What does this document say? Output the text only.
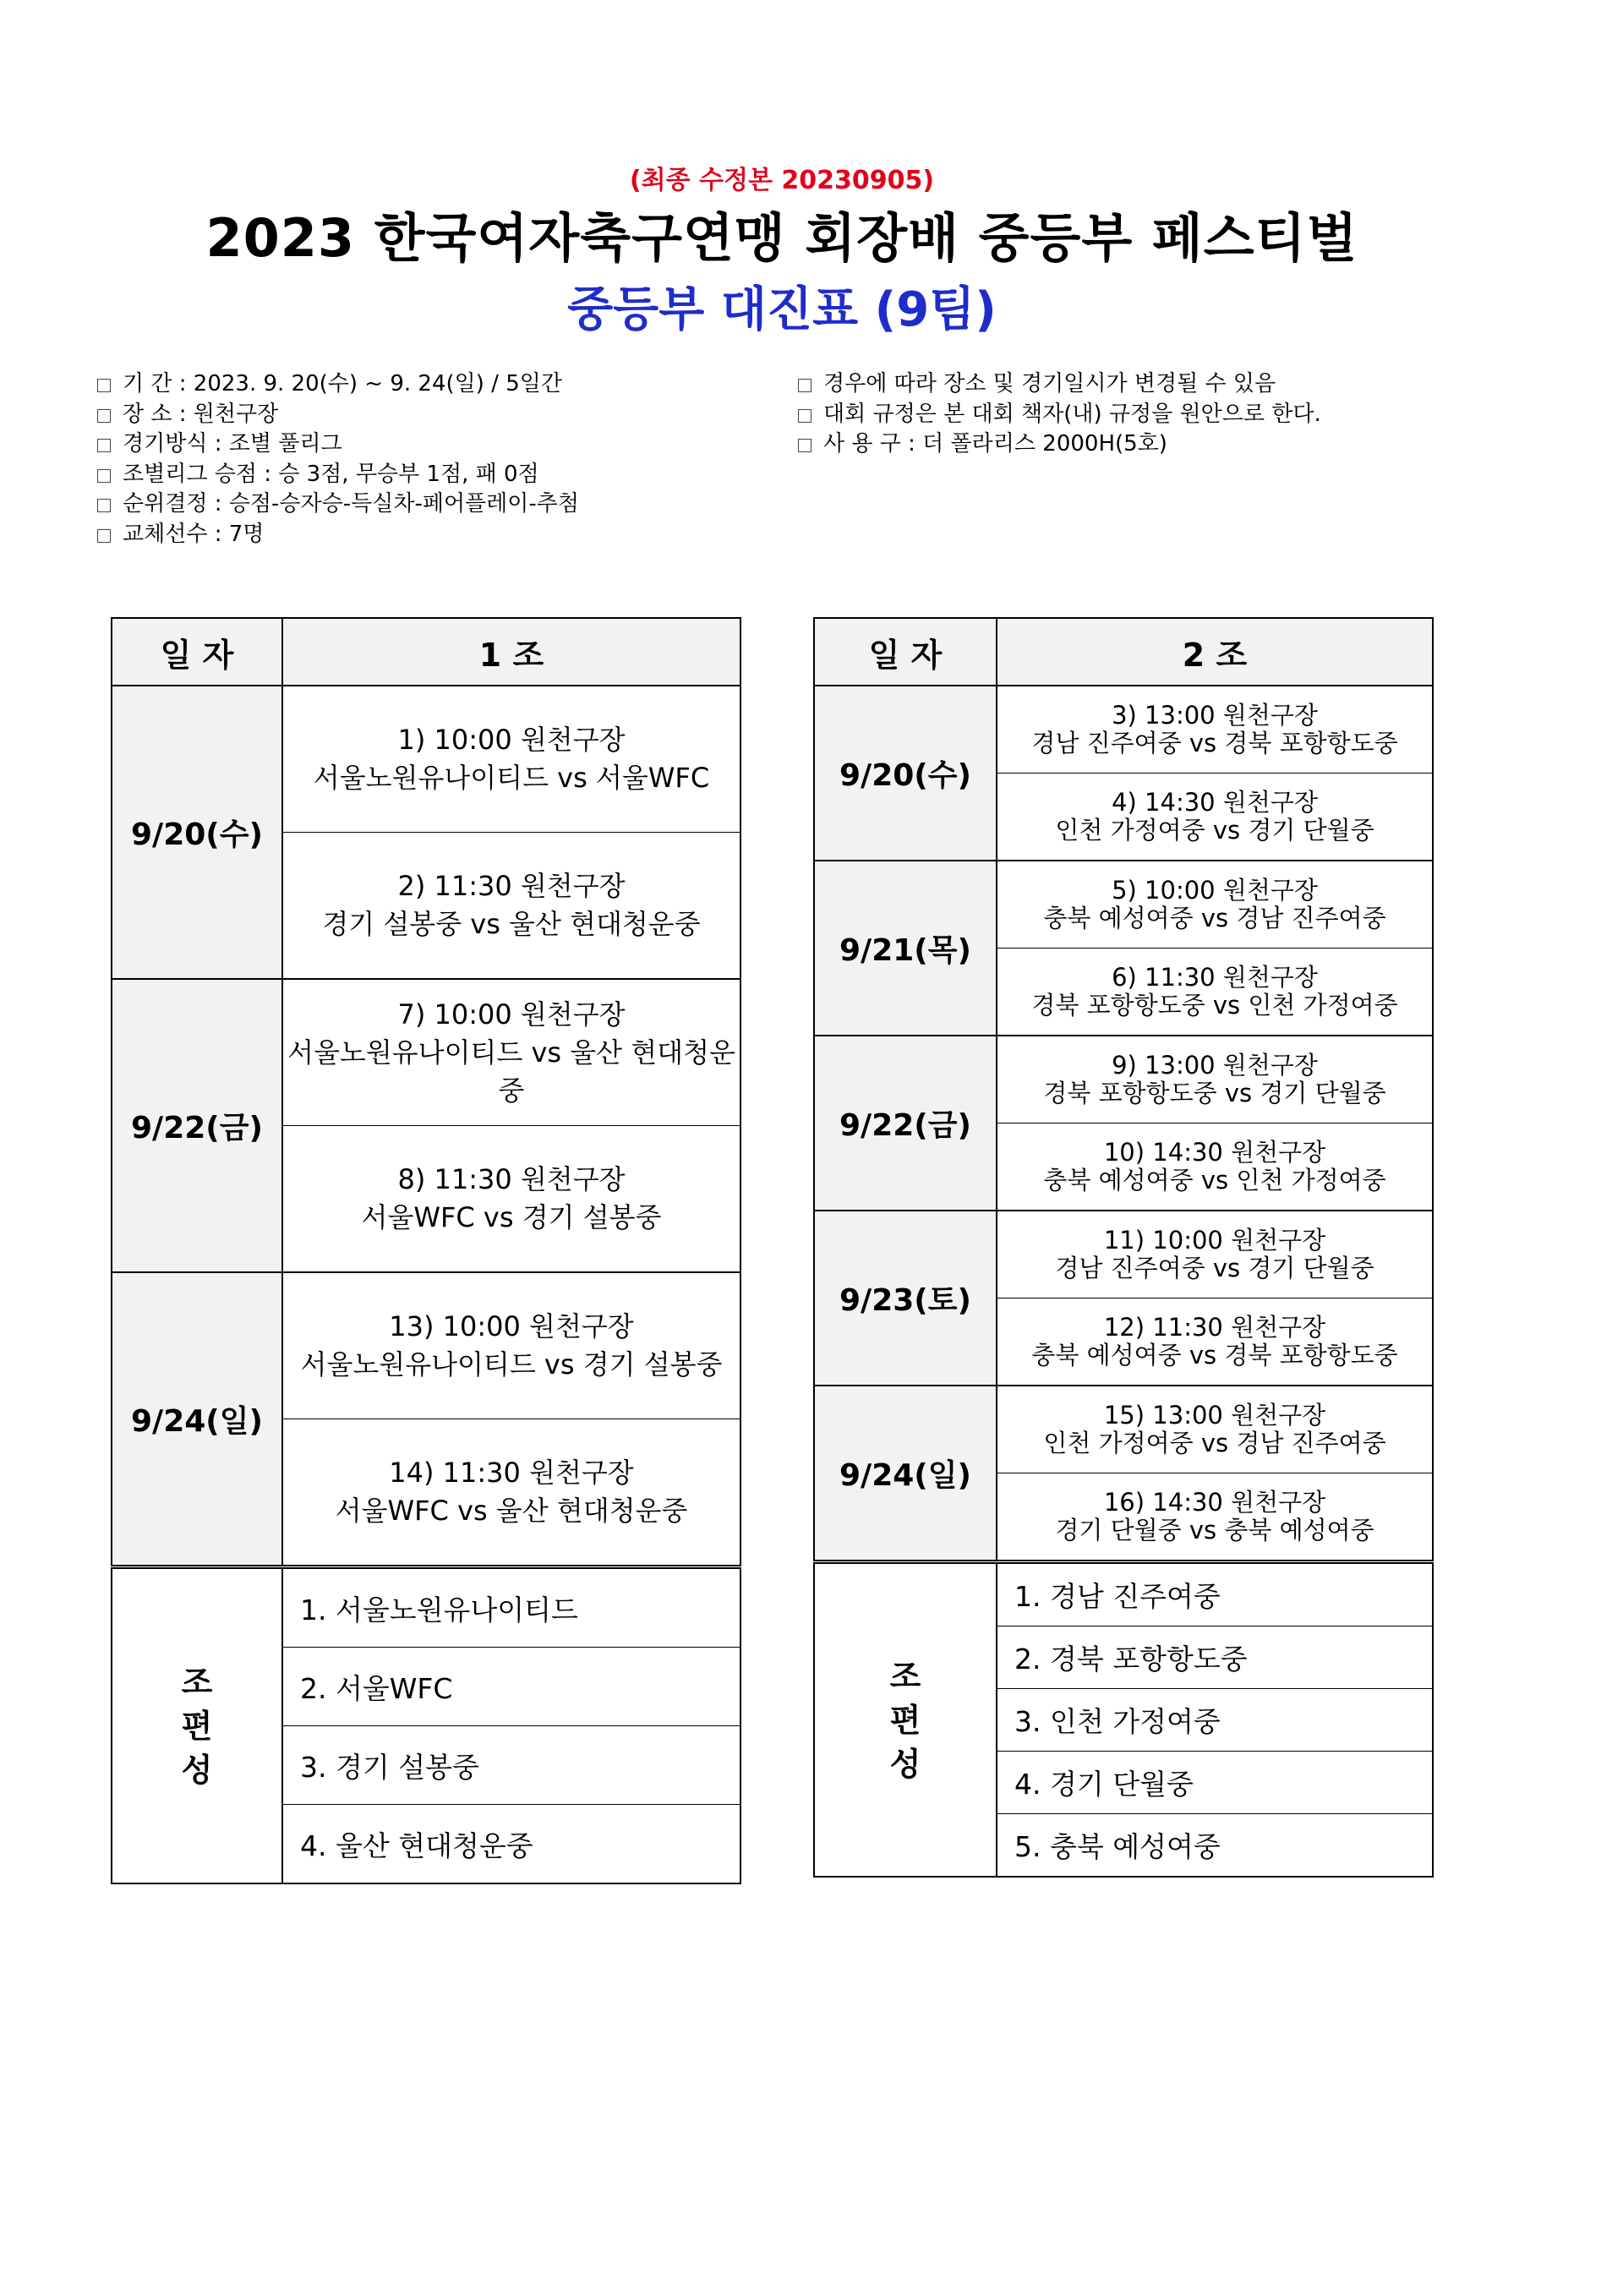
(최종 수정본 20230905)
2023 한국여자축구연맹 회장배 중등부 페스티벌
중등부 대진표 (9팀)
기 간 : 2023. 9. 20(수) ~ 9. 24(일) / 5일간
장 소 : 원천구장
경기방식 : 조별 풀리그
조별리그 승점 : 승 3점, 무승부 1점, 패 0점
순위결정 : 승점-승자승-득실차-페어플레이-추첨
교체선수 : 7명
경우에 따라 장소 및 경기일시가 변경될 수 있음
대회 규정은 본 대회 책자(내) 규정을 원안으로 한다.
사 용 구 : 더 폴라리스 2000H(5호)
일 자	1 조
9/20(수)	1) 10:00 원천구장
서울노원유나이티드 vs 서울WFC

	2) 11:30 원천구장
경기 설봉중 vs 울산 현대청운중

9/22(금)	7) 10:00 원천구장
서울노원유나이티드 vs 울산 현대청운중

	8) 11:30 원천구장
서울WFC vs 경기 설봉중

9/24(일)	13) 10:00 원천구장
서울노원유나이티드 vs 경기 설봉중

	14) 11:30 원천구장
서울WFC vs 울산 현대청운중

조
편
성	1. 서울노원유나이티드
	2. 서울WFC
	3. 경기 설봉중
	4. 울산 현대청운중
일 자	2 조
9/20(수)	3) 13:00 원천구장
경남 진주여중 vs 경북 포항항도중

	4) 14:30 원천구장
인천 가정여중 vs 경기 단월중

9/21(목)	5) 10:00 원천구장
충북 예성여중 vs 경남 진주여중

	6) 11:30 원천구장
경북 포항항도중 vs 인천 가정여중

9/22(금)	9) 13:00 원천구장
경북 포항항도중 vs 경기 단월중

	10) 14:30 원천구장
충북 예성여중 vs 인천 가정여중

9/23(토)	11) 10:00 원천구장
경남 진주여중 vs 경기 단월중

	12) 11:30 원천구장
충북 예성여중 vs 경북 포항항도중

9/24(일)	15) 13:00 원천구장
인천 가정여중 vs 경남 진주여중

	16) 14:30 원천구장
경기 단월중 vs 충북 예성여중

조
편
성	1. 경남 진주여중
	2. 경북 포항항도중
	3. 인천 가정여중
	4. 경기 단월중
	5. 충북 예성여중
